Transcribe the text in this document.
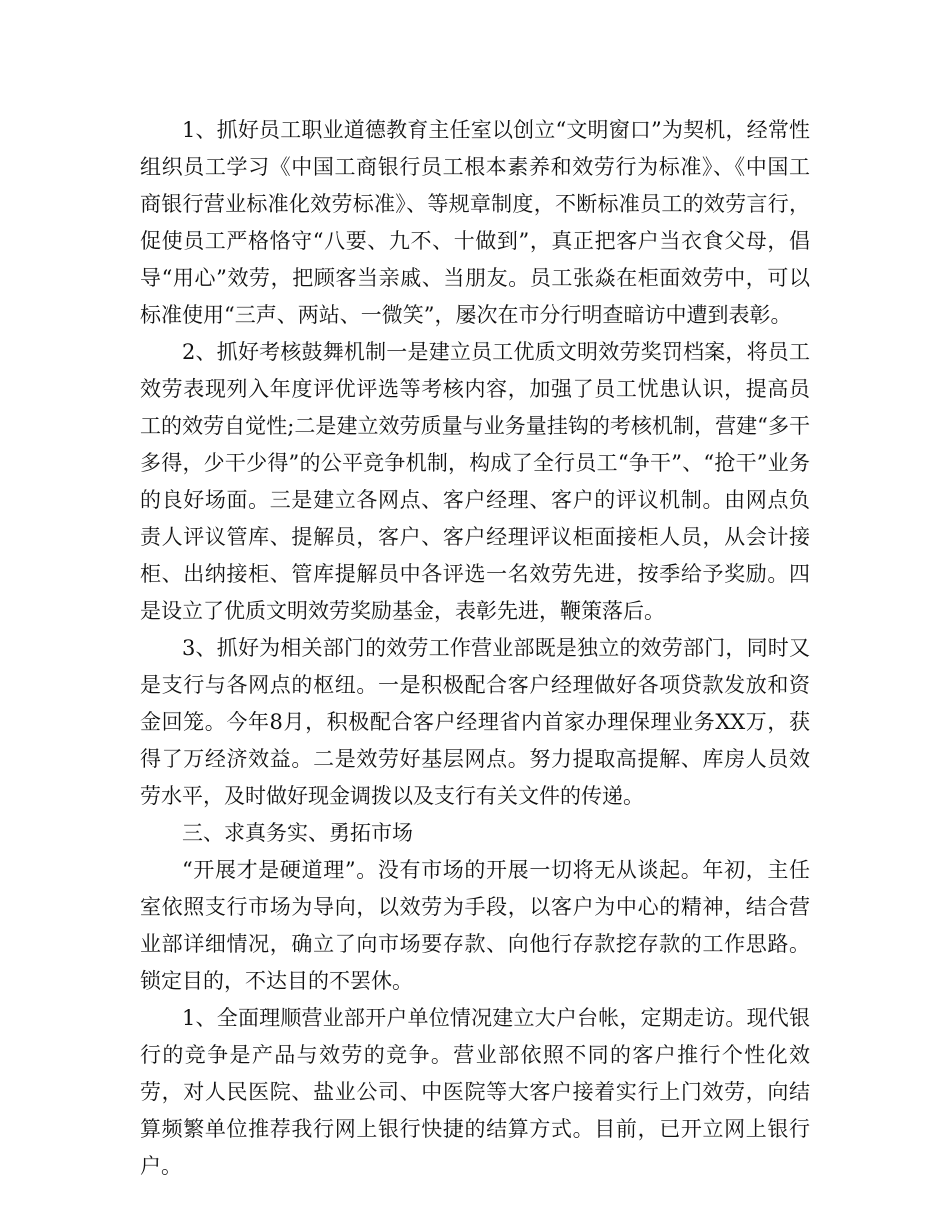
1、抓好员工职业道德教育主任室以创立“文明窗口”为契机，经常性组织员工学习《中国工商银行员工根本素养和效劳行为标准》、《中国工商银行营业标准化效劳标准》、等规章制度，不断标准员工的效劳言行，促使员工严格恪守“八要、九不、十做到”，真正把客户当衣食父母，倡导“用心”效劳，把顾客当亲戚、当朋友。员工张焱在柜面效劳中，可以标准使用“三声、两站、一微笑”，屡次在市分行明查暗访中遭到表彰。

2、抓好考核鼓舞机制一是建立员工优质文明效劳奖罚档案，将员工效劳表现列入年度评优评选等考核内容，加强了员工忧患认识，提高员工的效劳自觉性;二是建立效劳质量与业务量挂钩的考核机制，营建“多干多得，少干少得”的公平竞争机制，构成了全行员工“争干”、“抢干”业务的良好场面。三是建立各网点、客户经理、客户的评议机制。由网点负责人评议管库、提解员，客户、客户经理评议柜面接柜人员，从会计接柜、出纳接柜、管库提解员中各评选一名效劳先进，按季给予奖励。四是设立了优质文明效劳奖励基金，表彰先进，鞭策落后。

3、抓好为相关部门的效劳工作营业部既是独立的效劳部门，同时又是支行与各网点的枢纽。一是积极配合客户经理做好各项贷款发放和资金回笼。今年8月，积极配合客户经理省内首家办理保理业务XX万，获得了万经济效益。二是效劳好基层网点。努力提取高提解、库房人员效劳水平，及时做好现金调拨以及支行有关文件的传递。

三、求真务实、勇拓市场

“开展才是硬道理”。没有市场的开展一切将无从谈起。年初，主任室依照支行市场为导向，以效劳为手段，以客户为中心的精神，结合营业部详细情况，确立了向市场要存款、向他行存款挖存款的工作思路。锁定目的，不达目的不罢休。

1、全面理顺营业部开户单位情况建立大户台帐，定期走访。现代银行的竞争是产品与效劳的竞争。营业部依照不同的客户推行个性化效劳，对人民医院、盐业公司、中医院等大客户接着实行上门效劳，向结算频繁单位推荐我行网上银行快捷的结算方式。目前，已开立网上银行户。
